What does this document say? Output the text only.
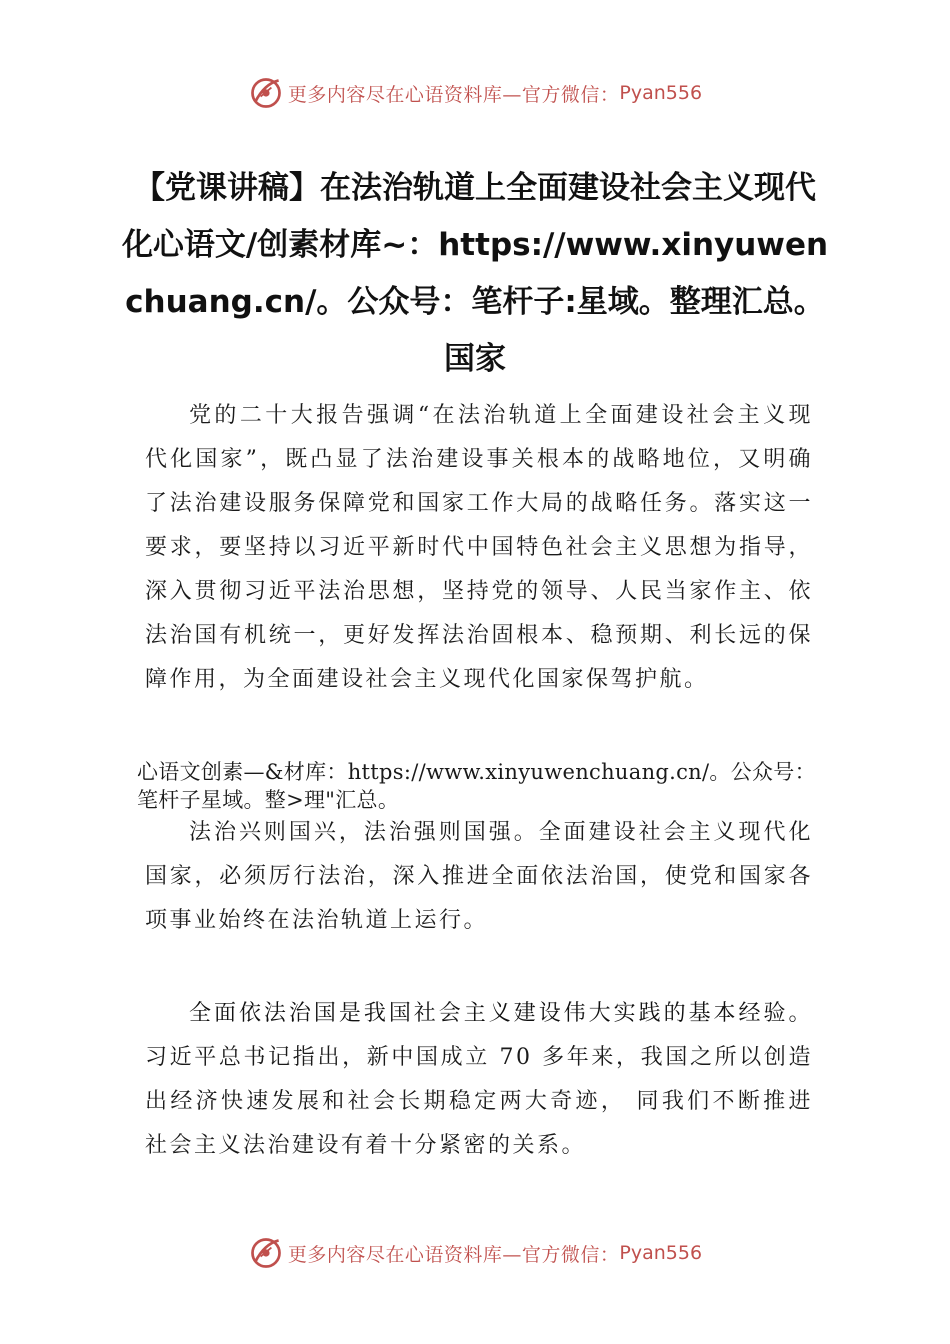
更多内容尽在心语资料库—官方微信： Pyan556
【党课讲稿】在法治轨道上全面建设社会主义现代化心语文/创素材库~：https://www.xinyuwenchuang.cn/。公众号：笔杆子:星域。整理汇总。国家
党的二十大报告强调“在法治轨道上全面建设社会主义现代化国家”，既凸显了法治建设事关根本的战略地位，又明确了法治建设服务保障党和国家工作大局的战略任务。落实这一要求，要坚持以习近平新时代中国特色社会主义思想为指导，深入贯彻习近平法治思想，坚持党的领导、人民当家作主、依法治国有机统一，更好发挥法治固根本、稳预期、利长远的保障作用，为全面建设社会主义现代化国家保驾护航。
心语文创素—&材库：https://www.xinyuwenchuang.cn/。公众号：笔杆子星域。整>理"汇总。
法治兴则国兴，法治强则国强。全面建设社会主义现代化国家，必须厉行法治，深入推进全面依法治国，使党和国家各项事业始终在法治轨道上运行。
全面依法治国是我国社会主义建设伟大实践的基本经验。习近平总书记指出，新中国成立 70 多年来，我国之所以创造出经济快速发展和社会长期稳定两大奇迹， 同我们不断推进社会主义法治建设有着十分紧密的关系。
更多内容尽在心语资料库—官方微信： Pyan556
